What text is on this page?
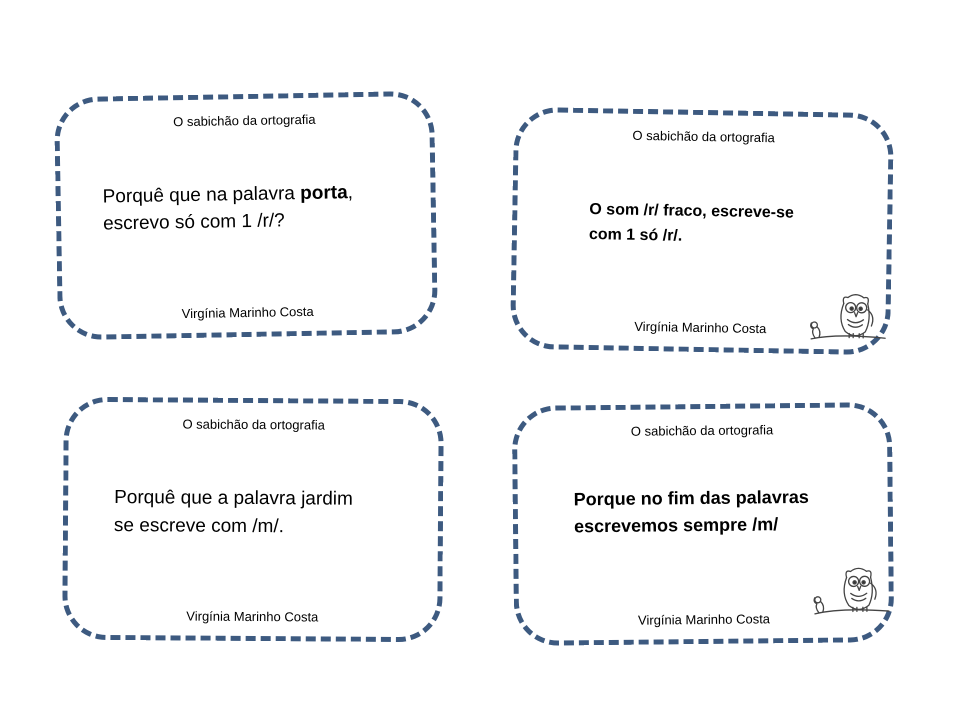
O sabichão da ortografia
Porquê que na palavra porta,
escrevo só com 1 /r/?
Virgínia Marinho Costa
O sabichão da ortografia
O som /r/ fraco, escreve-se
com 1 só /r/.
Virgínia Marinho Costa
O sabichão da ortografia
Porquê que a palavra jardim
se escreve com /m/.
Virgínia Marinho Costa
O sabichão da ortografia
Porque no fim das palavras
escrevemos sempre /m/
Virgínia Marinho Costa
